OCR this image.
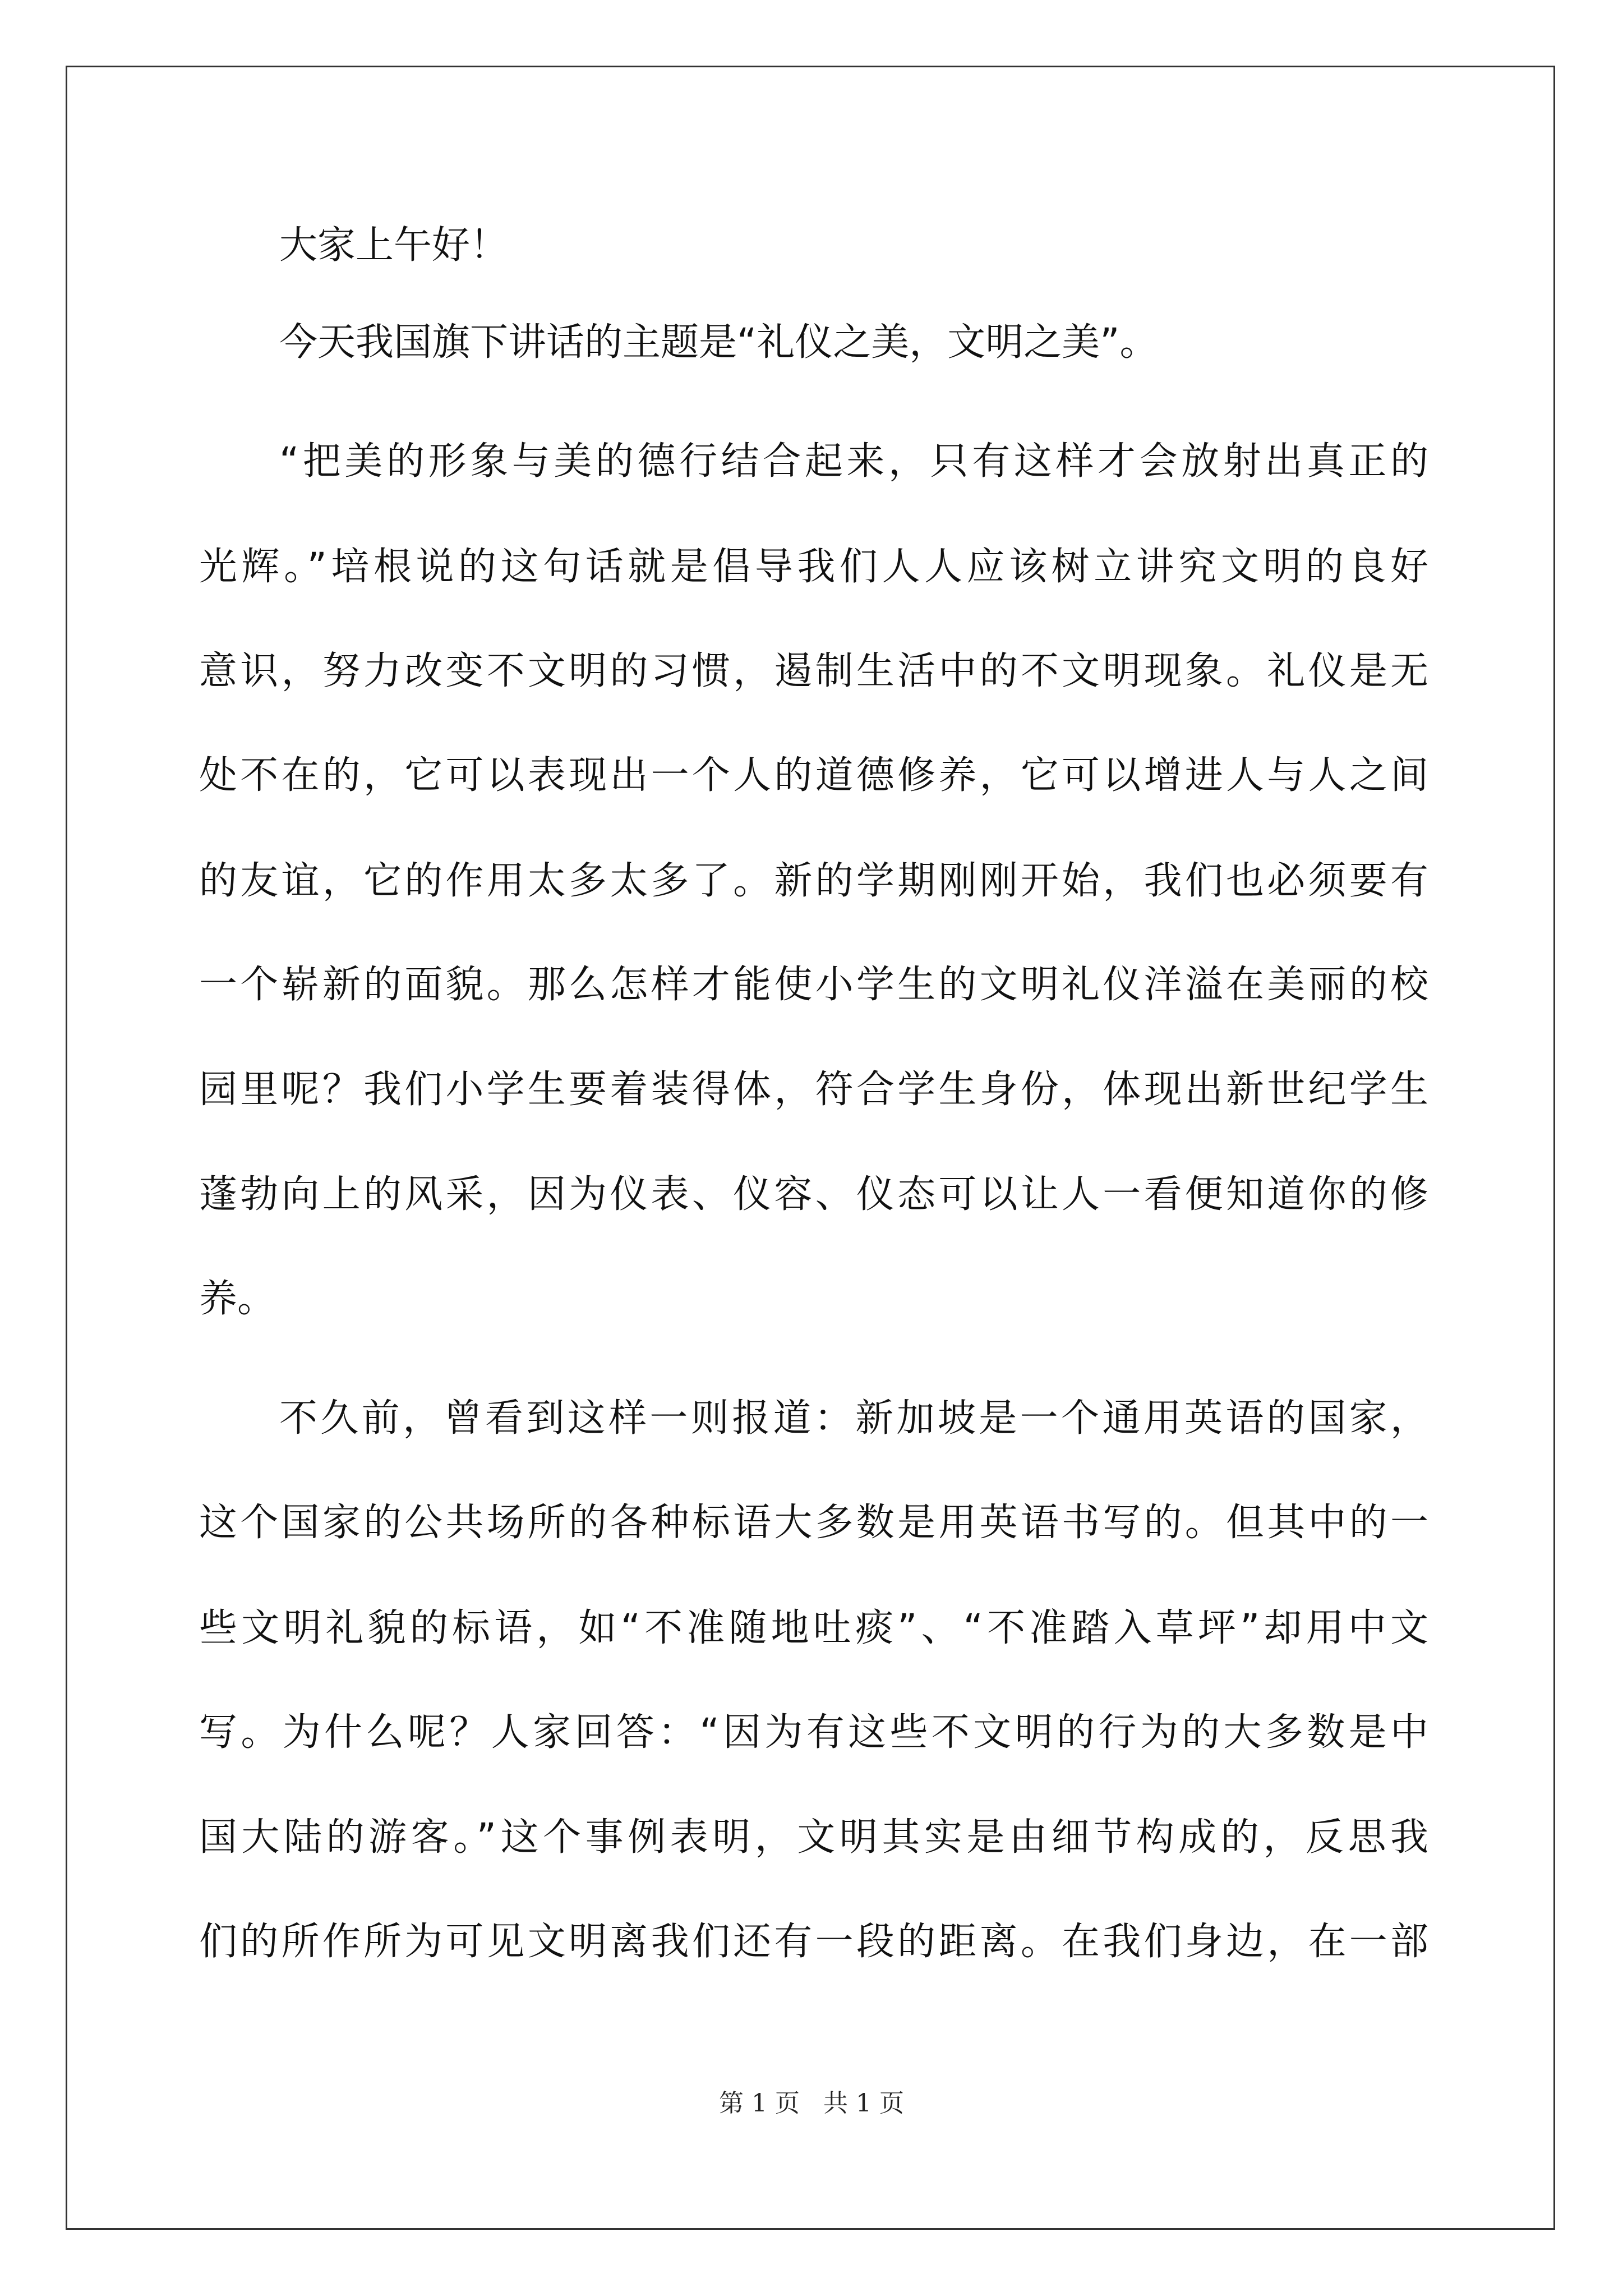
大家上午好！

今天我国旗下讲话的主题是“礼仪之美，文明之美”。

“把美的形象与美的德行结合起来，只有这样才会放射出真正的

光辉。”培根说的这句话就是倡导我们人人应该树立讲究文明的良好

意识，努力改变不文明的习惯，遏制生活中的不文明现象。礼仪是无

处不在的，它可以表现出一个人的道德修养，它可以增进人与人之间

的友谊，它的作用太多太多了。新的学期刚刚开始，我们也必须要有

一个崭新的面貌。那么怎样才能使小学生的文明礼仪洋溢在美丽的校

园里呢？我们小学生要着装得体，符合学生身份，体现出新世纪学生

蓬勃向上的风采，因为仪表、仪容、仪态可以让人一看便知道你的修

养。

不久前，曾看到这样一则报道：新加坡是一个通用英语的国家，

这个国家的公共场所的各种标语大多数是用英语书写的。但其中的一

些文明礼貌的标语，如“不准随地吐痰”、“不准踏入草坪”却用中文

写。为什么呢？人家回答：“因为有这些不文明的行为的大多数是中

国大陆的游客。”这个事例表明，文明其实是由细节构成的，反思我

们的所作所为可见文明离我们还有一段的距离。在我们身边，在一部

第 1 页 共 1 页
